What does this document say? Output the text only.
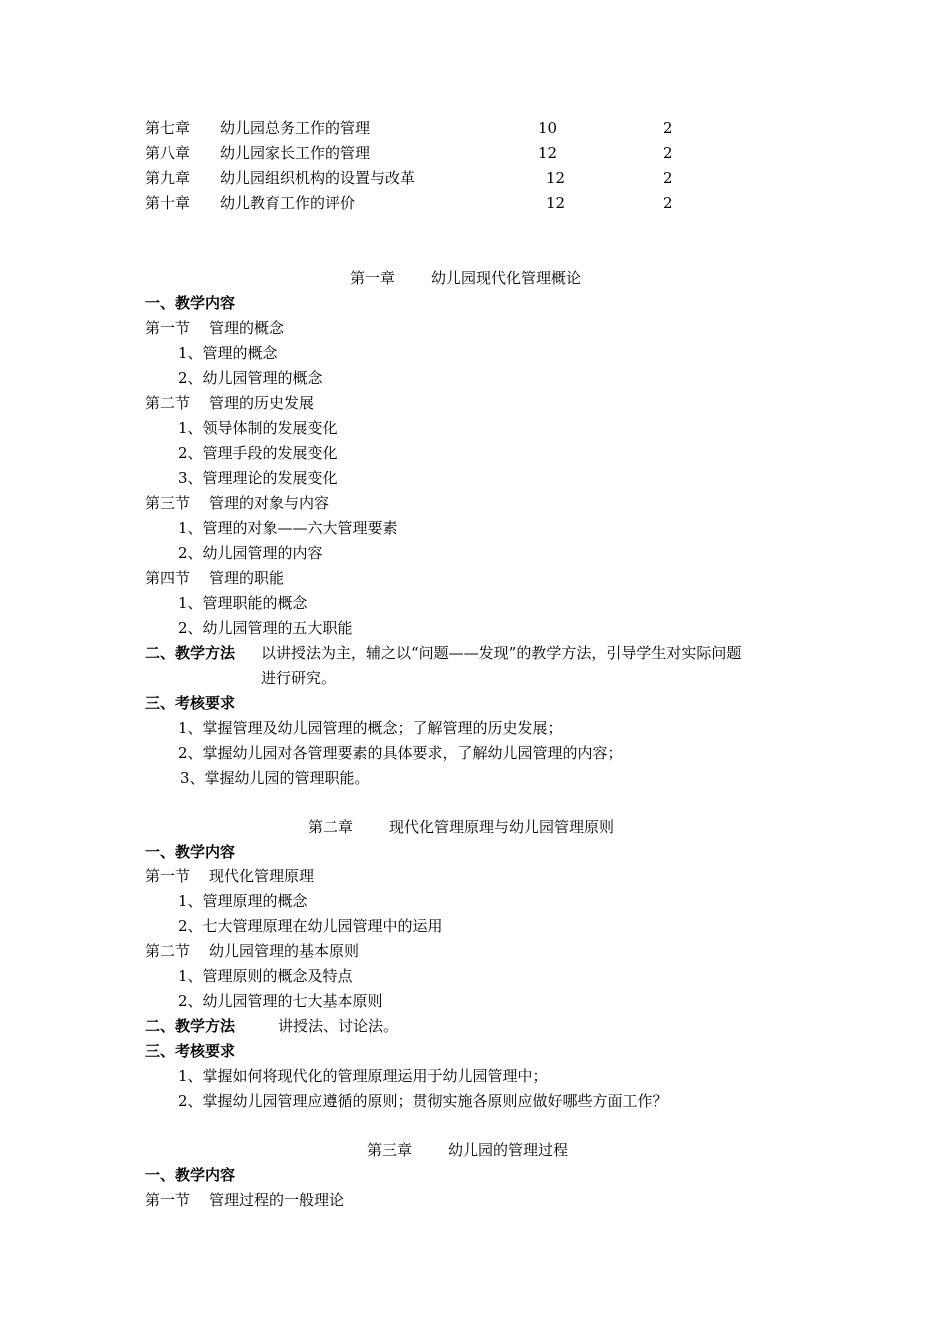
第七章 幼儿园总务工作的管理	10	2
第八章 幼儿园家长工作的管理	12	2
第九章 幼儿园组织机构的设置与改革	12	2
第十章 幼儿教育工作的评价	12	2
第一章 幼儿园现代化管理概论
一、教学内容
第一节 管理的概念
1、管理的概念
2、幼儿园管理的概念
第二节 管理的历史发展
1、领导体制的发展变化
2、管理手段的发展变化
3、管理理论的发展变化
第三节 管理的对象与内容
1、管理的对象——六大管理要素
2、幼儿园管理的内容
第四节 管理的职能
1、管理职能的概念
2、幼儿园管理的五大职能
二、教学方法 以讲授法为主，辅之以“问题——发现”的教学方法，引导学生对实际问题
进行研究。
三、考核要求
1、掌握管理及幼儿园管理的概念；了解管理的历史发展；
2、掌握幼儿园对各管理要素的具体要求，了解幼儿园管理的内容；
3、掌握幼儿园的管理职能。
第二章 现代化管理原理与幼儿园管理原则
一、教学内容
第一节 现代化管理原理
1、管理原理的概念
2、七大管理原理在幼儿园管理中的运用
第二节 幼儿园管理的基本原则
1、管理原则的概念及特点
2、幼儿园管理的七大基本原则
二、教学方法	讲授法、讨论法。
三、考核要求
1、掌握如何将现代化的管理原理运用于幼儿园管理中；
2、掌握幼儿园管理应遵循的原则；贯彻实施各原则应做好哪些方面工作？
第三章 幼儿园的管理过程
一、教学内容
第一节 管理过程的一般理论
